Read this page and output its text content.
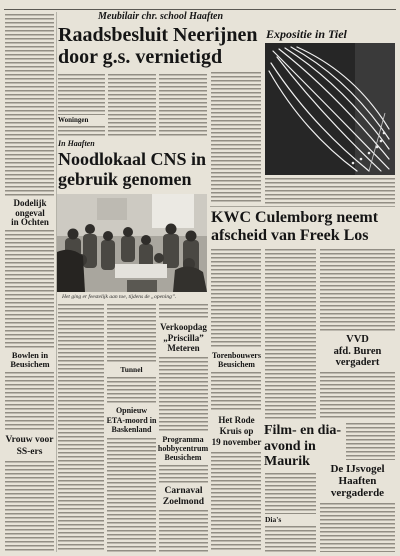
Dodelijk
ongeval
in Ochten
Bowlen in
Beusichem
Vrouw voor
SS-ers
Meubilair chr. school Haaften
Raadsbesluit Neerijnen
door g.s. vernietigd
Woningen
In Haaften
Noodlokaal CNS in
gebruik genomen
Het ging er feestelijk aan toe, tijdens de „opening”.
Tunnel
Opnieuw
ETA-moord in
Baskenland
Verkoopdag
„Priscilla”
Meteren
Programma
hobbycentrum
Beusichem
Carnaval
Zoelmond
Torenbouwers
Beusichem
Het Rode
Kruis op
19 november
Expositie in Tiel
KWC Culemborg neemt
afscheid van Freek Los
Film- en dia-
avond in
Maurik
Dia's
VVD
afd. Buren
vergadert
De IJsvogel
Haaften
vergaderde
